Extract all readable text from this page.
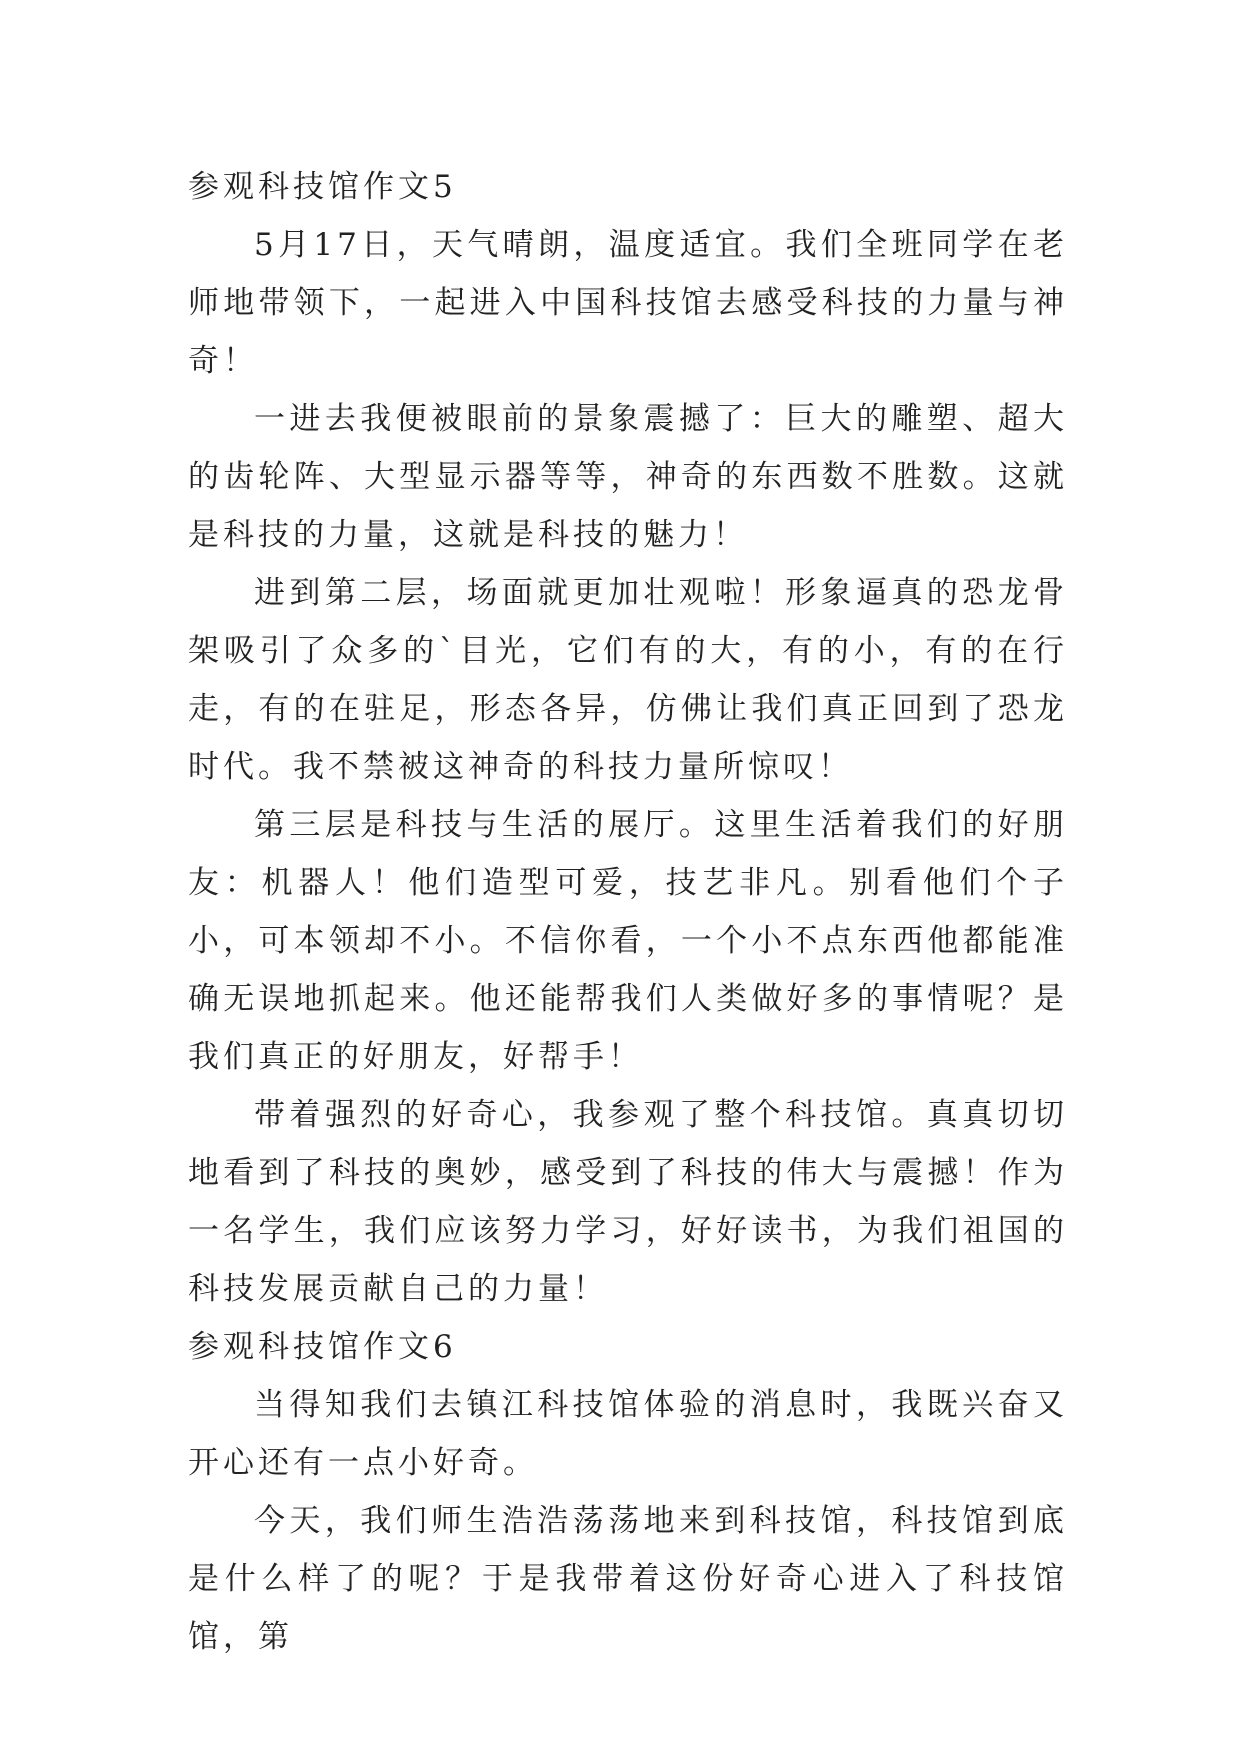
参观科技馆作文5

5月17日，天气晴朗，温度适宜。我们全班同学在老师地带领下，一起进入中国科技馆去感受科技的力量与神奇！

一进去我便被眼前的景象震撼了：巨大的雕塑、超大的齿轮阵、大型显示器等等，神奇的东西数不胜数。这就是科技的力量，这就是科技的魅力！

进到第二层，场面就更加壮观啦！形象逼真的恐龙骨架吸引了众多的`目光，它们有的大，有的小，有的在行走，有的在驻足，形态各异，仿佛让我们真正回到了恐龙时代。我不禁被这神奇的科技力量所惊叹！

第三层是科技与生活的展厅。这里生活着我们的好朋友：机器人！他们造型可爱，技艺非凡。别看他们个子小，可本领却不小。不信你看，一个小不点东西他都能准确无误地抓起来。他还能帮我们人类做好多的事情呢？是我们真正的好朋友，好帮手！

带着强烈的好奇心，我参观了整个科技馆。真真切切地看到了科技的奥妙，感受到了科技的伟大与震撼！作为一名学生，我们应该努力学习，好好读书，为我们祖国的科技发展贡献自己的力量！

参观科技馆作文6

当得知我们去镇江科技馆体验的消息时，我既兴奋又开心还有一点小好奇。

今天，我们师生浩浩荡荡地来到科技馆，科技馆到底是什么样了的呢？于是我带着这份好奇心进入了科技馆馆，第
